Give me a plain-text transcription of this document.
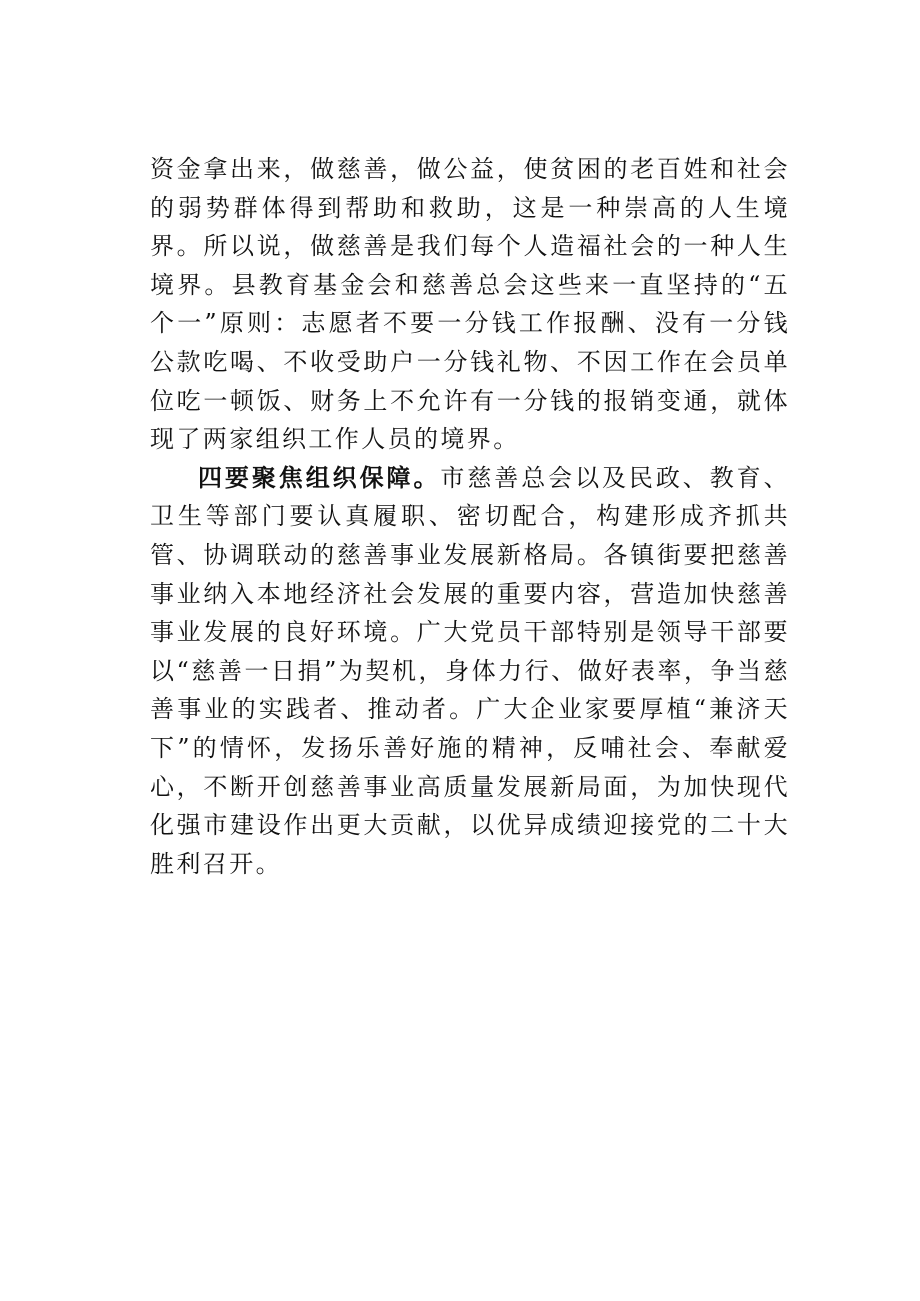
资金拿出来，做慈善，做公益，使贫困的老百姓和社会的弱势群体得到帮助和救助，这是一种崇高的人生境界。所以说，做慈善是我们每个人造福社会的一种人生境界。县教育基金会和慈善总会这些来一直坚持的“五个一”原则：志愿者不要一分钱工作报酬、没有一分钱公款吃喝、不收受助户一分钱礼物、不因工作在会员单位吃一顿饭、财务上不允许有一分钱的报销变通，就体现了两家组织工作人员的境界。

四要聚焦组织保障。市慈善总会以及民政、教育、卫生等部门要认真履职、密切配合，构建形成齐抓共管、协调联动的慈善事业发展新格局。各镇街要把慈善事业纳入本地经济社会发展的重要内容，营造加快慈善事业发展的良好环境。广大党员干部特别是领导干部要以“慈善一日捐”为契机，身体力行、做好表率，争当慈善事业的实践者、推动者。广大企业家要厚植“兼济天下”的情怀，发扬乐善好施的精神，反哺社会、奉献爱心，不断开创慈善事业高质量发展新局面，为加快现代化强市建设作出更大贡献，以优异成绩迎接党的二十大胜利召开。
